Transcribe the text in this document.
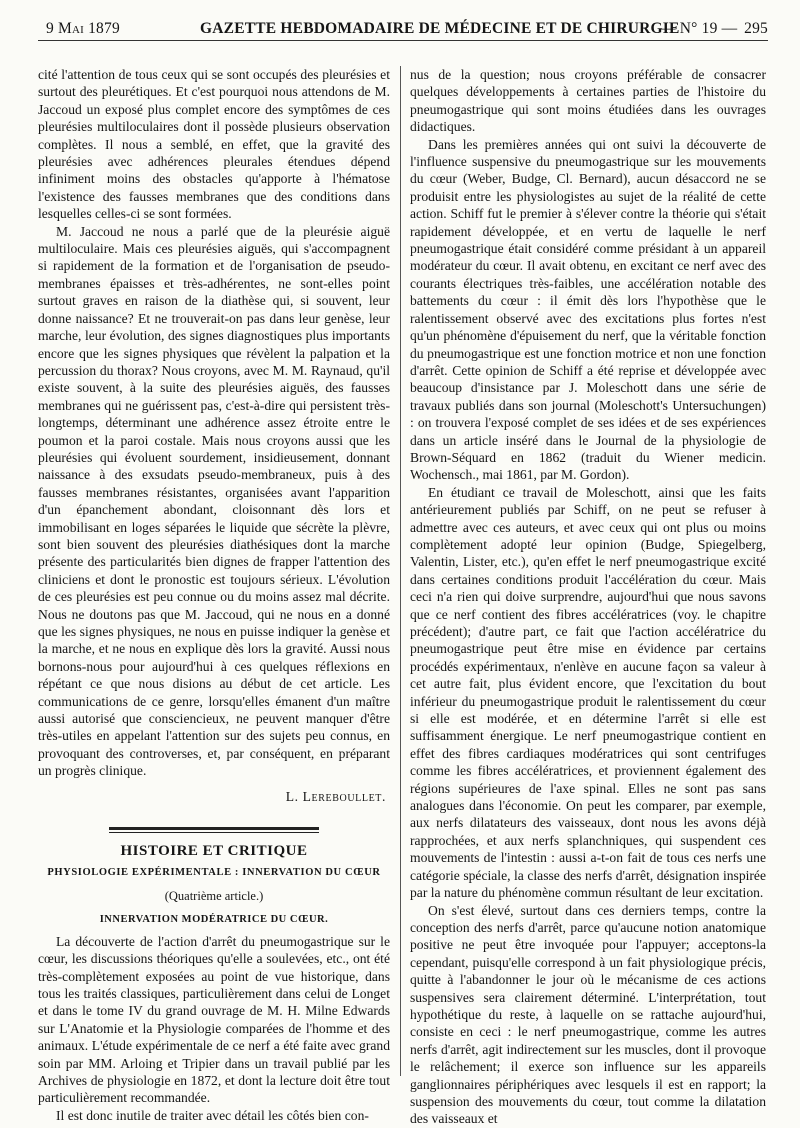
9 Mai 1879	GAZETTE HEBDOMADAIRE DE MÉDECINE ET DE CHIRURGIE
— N° 19 — 295

cité l'attention de tous ceux qui se sont occupés des pleurésies et surtout des pleurétiques. Et c'est pourquoi nous attendons de M. Jaccoud un exposé plus complet encore des symptômes de ces pleurésies multiloculaires dont il possède plusieurs observation complètes. Il nous a semblé, en effet, que la gravité des pleurésies avec adhérences pleurales étendues dépend infiniment moins des obstacles qu'apporte à l'hématose l'existence des fausses membranes que des conditions dans lesquelles celles-ci se sont formées.

M. Jaccoud ne nous a parlé que de la pleurésie aiguë multiloculaire. Mais ces pleurésies aiguës, qui s'accompagnent si rapidement de la formation et de l'organisation de pseudo-membranes épaisses et très-adhérentes, ne sont-elles point surtout graves en raison de la diathèse qui, si souvent, leur donne naissance? Et ne trouverait-on pas dans leur genèse, leur marche, leur évolution, des signes diagnostiques plus importants encore que les signes physiques que révèlent la palpation et la percussion du thorax? Nous croyons, avec M. M. Raynaud, qu'il existe souvent, à la suite des pleurésies aiguës, des fausses membranes qui ne guérissent pas, c'est-à-dire qui persistent très-longtemps, déterminant une adhérence assez étroite entre le poumon et la paroi costale. Mais nous croyons aussi que les pleurésies qui évoluent sourdement, insidieusement, donnant naissance à des exsudats pseudo-membraneux, puis à des fausses membranes résistantes, organisées avant l'apparition d'un épanchement abondant, cloisonnant dès lors et immobilisant en loges séparées le liquide que sécrète la plèvre, sont bien souvent des pleurésies diathésiques dont la marche présente des particularités bien dignes de frapper l'attention des cliniciens et dont le pronostic est toujours sérieux. L'évolution de ces pleurésies est peu connue ou du moins assez mal décrite. Nous ne doutons pas que M. Jaccoud, qui ne nous en a donné que les signes physiques, ne nous en puisse indiquer la genèse et la marche, et ne nous en explique dès lors la gravité. Aussi nous bornons-nous pour aujourd'hui à ces quelques réflexions en répétant ce que nous disions au début de cet article. Les communications de ce genre, lorsqu'elles émanent d'un maître aussi autorisé que consciencieux, ne peuvent manquer d'être très-utiles en appelant l'attention sur des sujets peu connus, en provoquant des controverses, et, par conséquent, en préparant un progrès clinique.

L. Lereboullet.

HISTOIRE ET CRITIQUE

PHYSIOLOGIE EXPÉRIMENTALE : INNERVATION DU CŒUR

(Quatrième article.)

INNERVATION MODÉRATRICE DU CŒUR.

La découverte de l'action d'arrêt du pneumogastrique sur le cœur, les discussions théoriques qu'elle a soulevées, etc., ont été très-complètement exposées au point de vue historique, dans tous les traités classiques, particulièrement dans celui de Longet et dans le tome IV du grand ouvrage de M. H. Milne Edwards sur L'Anatomie et la Physiologie comparées de l'homme et des animaux. L'étude expérimentale de ce nerf a été faite avec grand soin par MM. Arloing et Tripier dans un travail publié par les Archives de physiologie en 1872, et dont la lecture doit être tout particulièrement recommandée.

Il est donc inutile de traiter avec détail les côtés bien con-

nus de la question; nous croyons préférable de consacrer quelques développements à certaines parties de l'histoire du pneumogastrique qui sont moins étudiées dans les ouvrages didactiques.

Dans les premières années qui ont suivi la découverte de l'influence suspensive du pneumogastrique sur les mouvements du cœur (Weber, Budge, Cl. Bernard), aucun désaccord ne se produisit entre les physiologistes au sujet de la réalité de cette action. Schiff fut le premier à s'élever contre la théorie qui s'était rapidement développée, et en vertu de laquelle le nerf pneumogastrique était considéré comme présidant à un appareil modérateur du cœur. Il avait obtenu, en excitant ce nerf avec des courants électriques très-faibles, une accélération notable des battements du cœur : il émit dès lors l'hypothèse que le ralentissement observé avec des excitations plus fortes n'est qu'un phénomène d'épuisement du nerf, que la véritable fonction du pneumogastrique est une fonction motrice et non une fonction d'arrêt. Cette opinion de Schiff a été reprise et développée avec beaucoup d'insistance par J. Moleschott dans une série de travaux publiés dans son journal (Moleschott's Untersuchungen) : on trouvera l'exposé complet de ses idées et de ses expériences dans un article inséré dans le Journal de la physiologie de Brown-Séquard en 1862 (traduit du Wiener medicin. Wochensch., mai 1861, par M. Gordon).

En étudiant ce travail de Moleschott, ainsi que les faits antérieurement publiés par Schiff, on ne peut se refuser à admettre avec ces auteurs, et avec ceux qui ont plus ou moins complètement adopté leur opinion (Budge, Spiegelberg, Valentin, Lister, etc.), qu'en effet le nerf pneumogastrique excité dans certaines conditions produit l'accélération du cœur. Mais ceci n'a rien qui doive surprendre, aujourd'hui que nous savons que ce nerf contient des fibres accélératrices (voy. le chapitre précédent); d'autre part, ce fait que l'action accélératrice du pneumogastrique peut être mise en évidence par certains procédés expérimentaux, n'enlève en aucune façon sa valeur à cet autre fait, plus évident encore, que l'excitation du bout inférieur du pneumogastrique produit le ralentissement du cœur si elle est modérée, et en détermine l'arrêt si elle est suffisamment énergique. Le nerf pneumogastrique contient en effet des fibres cardiaques modératrices qui sont centrifuges comme les fibres accélératrices, et proviennent également des régions supérieures de l'axe spinal. Elles ne sont pas sans analogues dans l'économie. On peut les comparer, par exemple, aux nerfs dilatateurs des vaisseaux, dont nous les avons déjà rapprochées, et aux nerfs splanchniques, qui suspendent ces mouvements de l'intestin : aussi a-t-on fait de tous ces nerfs une catégorie spéciale, la classe des nerfs d'arrêt, désignation inspirée par la nature du phénomène commun résultant de leur excitation.

On s'est élevé, surtout dans ces derniers temps, contre la conception des nerfs d'arrêt, parce qu'aucune notion anatomique positive ne peut être invoquée pour l'appuyer; acceptons-la cependant, puisqu'elle correspond à un fait physiologique précis, quitte à l'abandonner le jour où le mécanisme de ces actions suspensives sera clairement déterminé. L'interprétation, tout hypothétique du reste, à laquelle on se rattache aujourd'hui, consiste en ceci : le nerf pneumogastrique, comme les autres nerfs d'arrêt, agit indirectement sur les muscles, dont il provoque le relâchement; il exerce son influence sur les appareils ganglionnaires périphériques avec lesquels il est en rapport; la suspension des mouvements du cœur, tout comme la dilatation des vaisseaux et
